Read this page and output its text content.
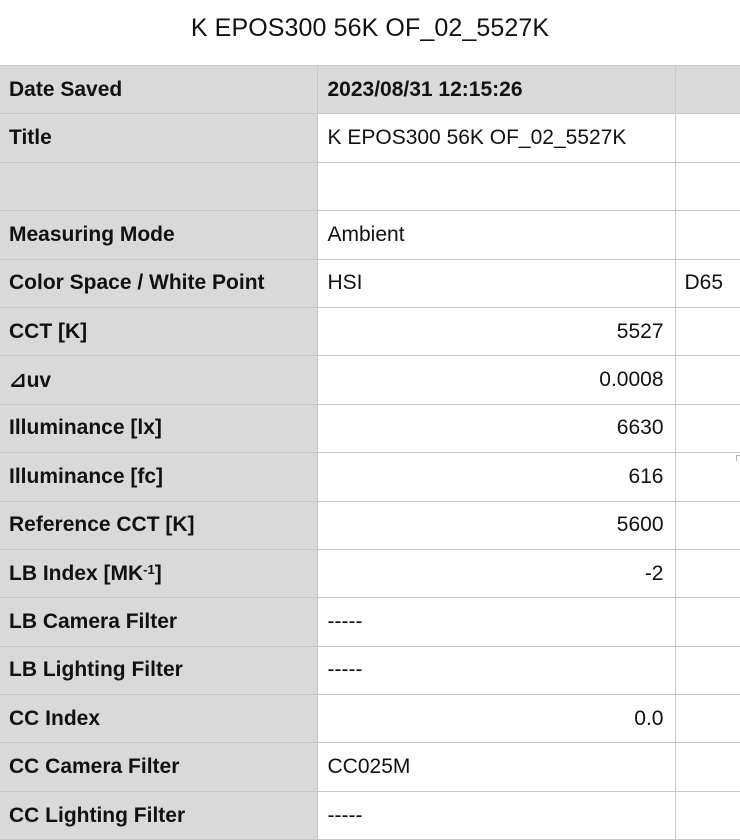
K EPOS300 56K OF_02_5527K
Date Saved	2023/08/31 12:15:26	
Title	K EPOS300 56K OF_02_5527K	

Measuring Mode	Ambient	
Color Space / White Point	HSI	D65
CCT [K]	5527	
⊿uv	0.0008	
Illuminance [lx]	6630	
Illuminance [fc]	616	
Reference CCT [K]	5600	
LB Index $[MK^{-1}]$	-2	
LB Camera Filter	-----	
LB Lighting Filter	-----	
CC Index	0.0	
CC Camera Filter	CC025M	
CC Lighting Filter	-----	
